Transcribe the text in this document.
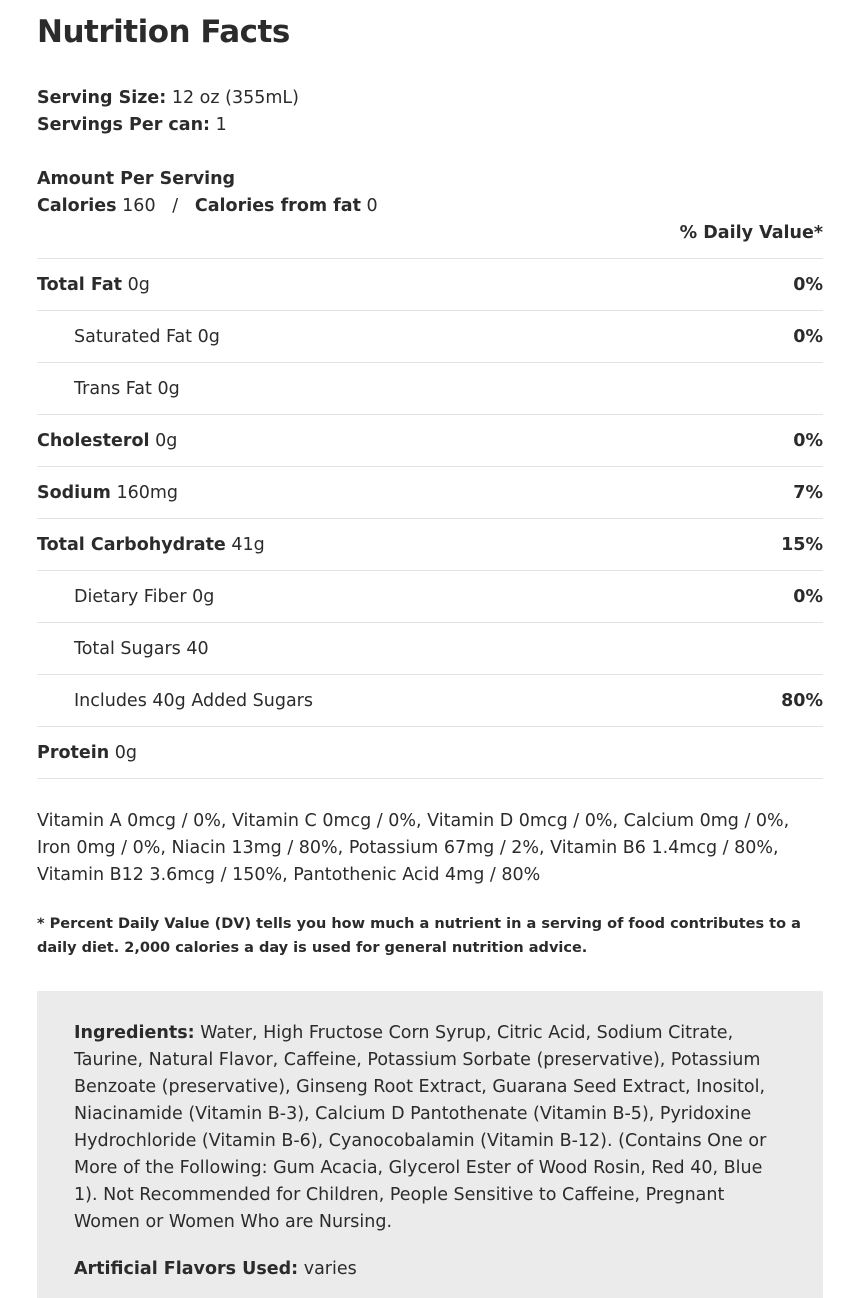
Nutrition Facts
Serving Size: 12 oz (355mL)
Servings Per can: 1
Amount Per Serving
Calories 160 / Calories from fat 0
% Daily Value*
Total Fat 0g	0%
Saturated Fat 0g	0%
Trans Fat 0g
Cholesterol 0g	0%
Sodium 160mg	7%
Total Carbohydrate 41g	15%
Dietary Fiber 0g	0%
Total Sugars 40
Includes 40g Added Sugars	80%
Protein 0g
Vitamin A 0mcg / 0%, Vitamin C 0mcg / 0%, Vitamin D 0mcg / 0%, Calcium 0mg / 0%, Iron 0mg / 0%, Niacin 13mg / 80%, Potassium 67mg / 2%, Vitamin B6 1.4mcg / 80%, Vitamin B12 3.6mcg / 150%, Pantothenic Acid 4mg / 80%
* Percent Daily Value (DV) tells you how much a nutrient in a serving of food contributes to a daily diet. 2,000 calories a day is used for general nutrition advice.
Ingredients: Water, High Fructose Corn Syrup, Citric Acid, Sodium Citrate, Taurine, Natural Flavor, Caffeine, Potassium Sorbate (preservative), Potassium Benzoate (preservative), Ginseng Root Extract, Guarana Seed Extract, Inositol, Niacinamide (Vitamin B-3), Calcium D Pantothenate (Vitamin B-5), Pyridoxine Hydrochloride (Vitamin B-6), Cyanocobalamin (Vitamin B-12). (Contains One or More of the Following: Gum Acacia, Glycerol Ester of Wood Rosin, Red 40, Blue 1). Not Recommended for Children, People Sensitive to Caffeine, Pregnant Women or Women Who are Nursing.
Artificial Flavors Used: varies
